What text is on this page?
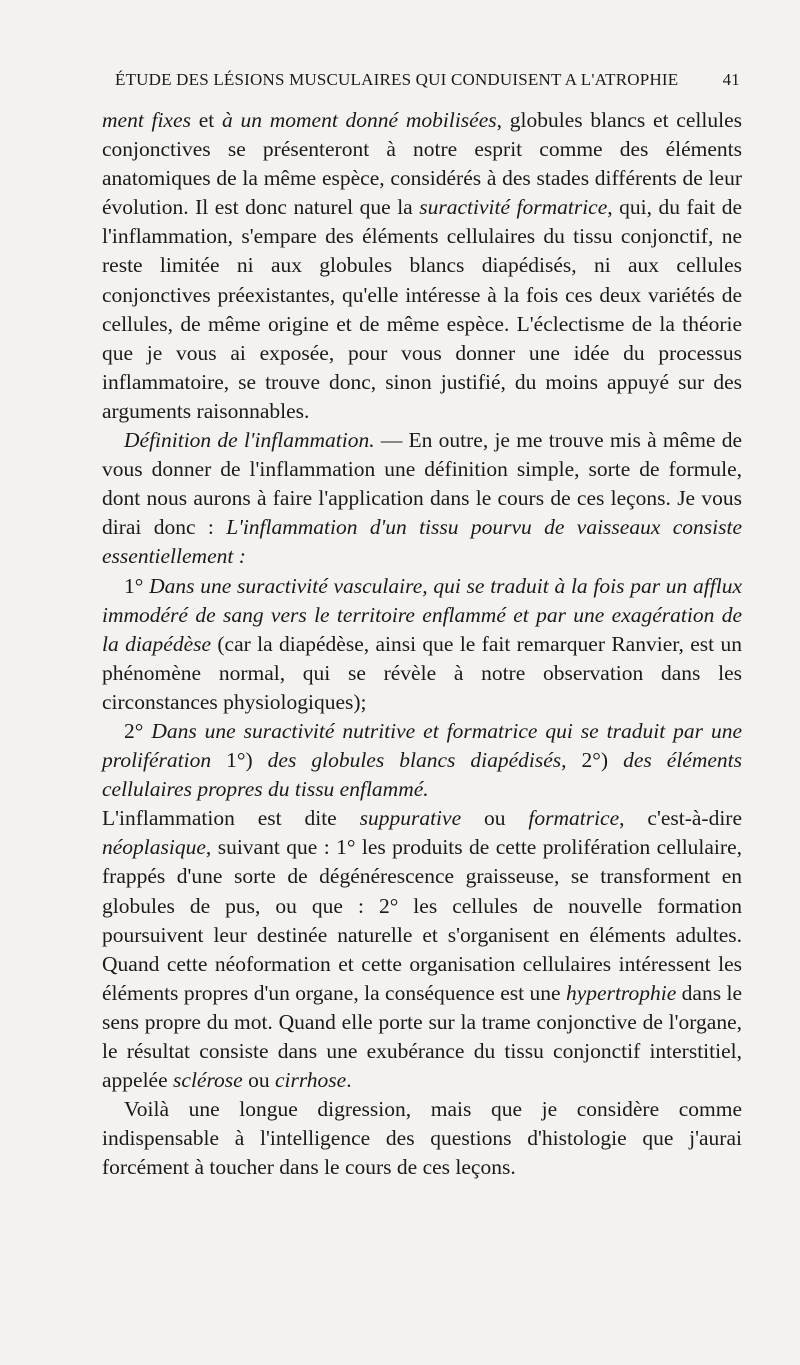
ÉTUDE DES LÉSIONS MUSCULAIRES QUI CONDUISENT A L'ATROPHIE	41

ment fixes et à un moment donné mobilisées, globules blancs et cellules conjonctives se présenteront à notre esprit comme des éléments anatomiques de la même espèce, considérés à des stades différents de leur évolution. Il est donc naturel que la suractivité formatrice, qui, du fait de l'inflammation, s'empare des éléments cellulaires du tissu conjonctif, ne reste limitée ni aux globules blancs diapédisés, ni aux cellules conjonctives préexistantes, qu'elle intéresse à la fois ces deux variétés de cellules, de même origine et de même espèce. L'éclectisme de la théorie que je vous ai exposée, pour vous donner une idée du processus inflammatoire, se trouve donc, sinon justifié, du moins appuyé sur des arguments raisonnables.

Définition de l'inflammation. — En outre, je me trouve mis à même de vous donner de l'inflammation une définition simple, sorte de formule, dont nous aurons à faire l'application dans le cours de ces leçons. Je vous dirai donc : L'inflammation d'un tissu pourvu de vaisseaux consiste essentiellement :

1° Dans une suractivité vasculaire, qui se traduit à la fois par un afflux immodéré de sang vers le territoire enflammé et par une exagération de la diapédèse (car la diapédèse, ainsi que le fait remarquer Ranvier, est un phénomène normal, qui se révèle à notre observation dans les circonstances physiologiques);

2° Dans une suractivité nutritive et formatrice qui se traduit par une prolifération 1°) des globules blancs diapédisés, 2°) des éléments cellulaires propres du tissu enflammé.

L'inflammation est dite suppurative ou formatrice, c'est-à-dire néoplasique, suivant que : 1° les produits de cette prolifération cellulaire, frappés d'une sorte de dégénérescence graisseuse, se transforment en globules de pus, ou que : 2° les cellules de nouvelle formation poursuivent leur destinée naturelle et s'organisent en éléments adultes. Quand cette néoformation et cette organisation cellulaires intéressent les éléments propres d'un organe, la conséquence est une hypertrophie dans le sens propre du mot. Quand elle porte sur la trame conjonctive de l'organe, le résultat consiste dans une exubérance du tissu conjonctif interstitiel, appelée sclérose ou cirrhose.

Voilà une longue digression, mais que je considère comme indispensable à l'intelligence des questions d'histologie que j'aurai forcément à toucher dans le cours de ces leçons.
